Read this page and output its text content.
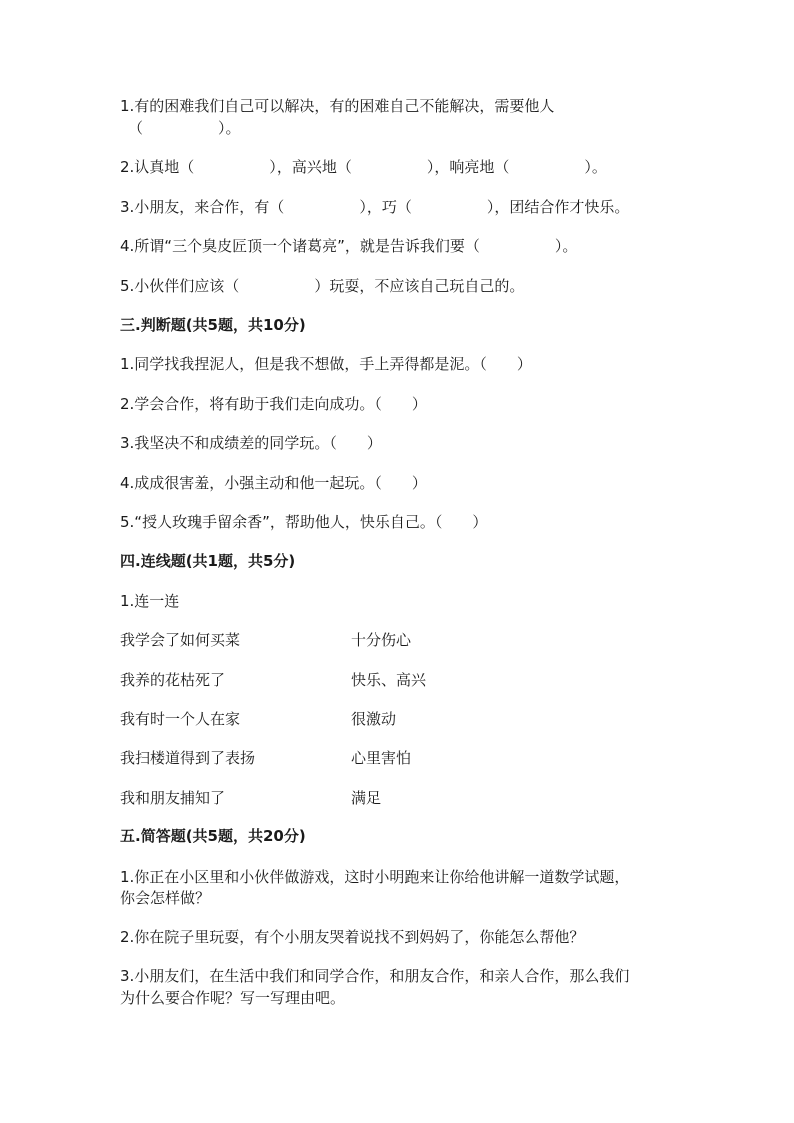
1.有的困难我们自己可以解决，有的困难自己不能解决，需要他人
（　　　　　）。
2.认真地（　　　　　），高兴地（　　　　　），响亮地（　　　　　）。
3.小朋友，来合作，有（　　　　　），巧（　　　　　），团结合作才快乐。
4.所谓“三个臭皮匠顶一个诸葛亮”，就是告诉我们要（　　　　　）。
5.小伙伴们应该（　　　　　）玩耍，不应该自己玩自己的。
三.判断题(共5题，共10分)
1.同学找我捏泥人，但是我不想做，手上弄得都是泥。（　　）
2.学会合作，将有助于我们走向成功。（　　）
3.我坚决不和成绩差的同学玩。（　　）
4.成成很害羞，小强主动和他一起玩。（　　）
5.“授人玫瑰手留余香”，帮助他人，快乐自己。（　　）
四.连线题(共1题，共5分)
1.连一连
我学会了如何买菜	十分伤心
我养的花枯死了	快乐、高兴
我有时一个人在家	很激动
我扫楼道得到了表扬	心里害怕
我和朋友捕知了	满足
五.简答题(共5题，共20分)
1.你正在小区里和小伙伴做游戏，这时小明跑来让你给他讲解一道数学试题，
你会怎样做？
2.你在院子里玩耍，有个小朋友哭着说找不到妈妈了，你能怎么帮他？
3.小朋友们，在生活中我们和同学合作，和朋友合作，和亲人合作，那么我们
为什么要合作呢？写一写理由吧。
